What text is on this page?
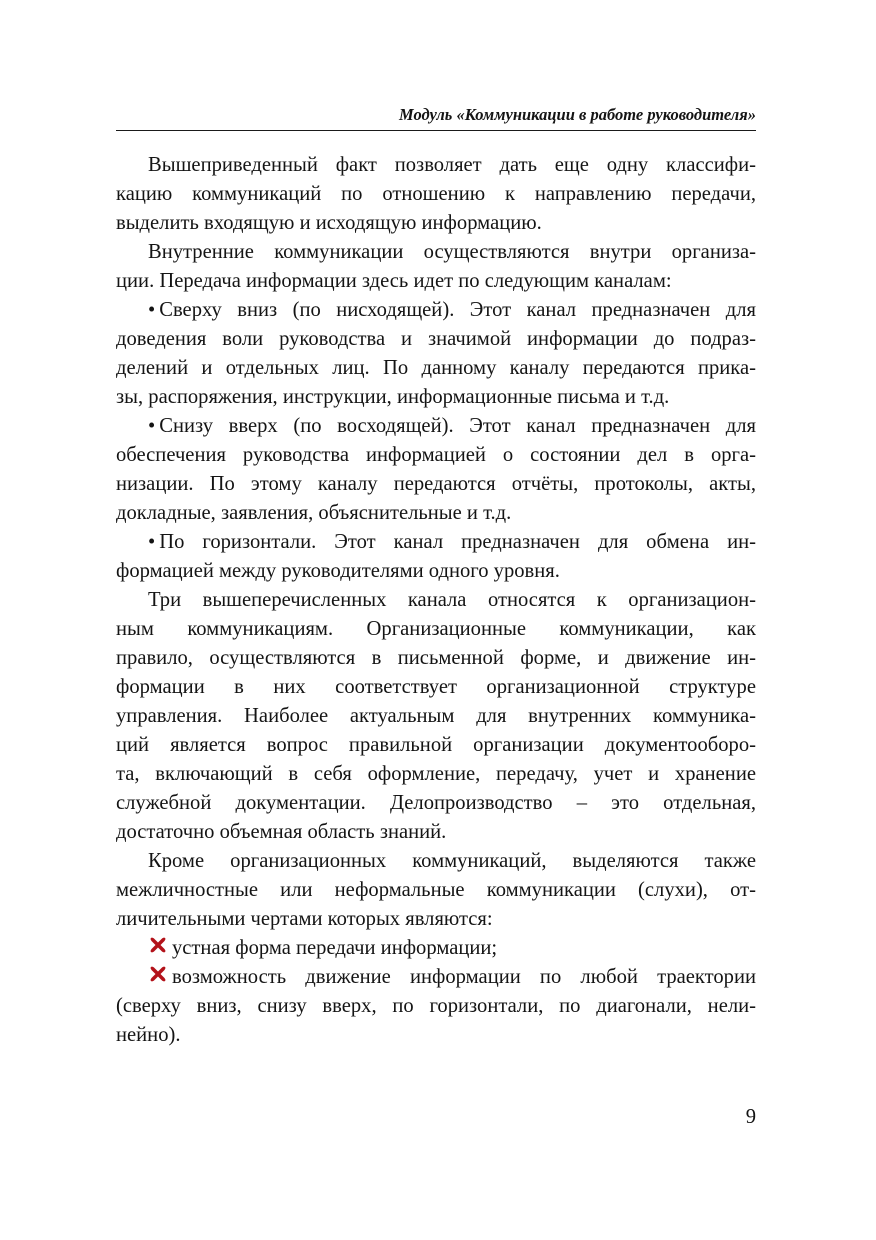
Модуль «Коммуникации в работе руководителя»
Вышеприведенный факт позволяет дать еще одну классифи-
кацию коммуникаций по отношению к направлению передачи,
выделить входящую и исходящую информацию.
Внутренние коммуникации осуществляются внутри организа-
ции. Передача информации здесь идет по следующим каналам:
• Сверху вниз (по нисходящей). Этот канал предназначен для
доведения воли руководства и значимой информации до подраз-
делений и отдельных лиц. По данному каналу передаются прика-
зы, распоряжения, инструкции, информационные письма и т.д.
• Снизу вверх (по восходящей). Этот канал предназначен для
обеспечения руководства информацией о состоянии дел в орга-
низации. По этому каналу передаются отчёты, протоколы, акты,
докладные, заявления, объяснительные и т.д.
• По горизонтали. Этот канал предназначен для обмена ин-
формацией между руководителями одного уровня.
Три вышеперечисленных канала относятся к организацион-
ным коммуникациям. Организационные коммуникации, как
правило, осуществляются в письменной форме, и движение ин-
формации в них соответствует организационной структуре
управления. Наиболее актуальным для внутренних коммуника-
ций является вопрос правильной организации документооборо-
та, включающий в себя оформление, передачу, учет и хранение
служебной документации. Делопроизводство – это отдельная,
достаточно объемная область знаний.
Кроме организационных коммуникаций, выделяются также
межличностные или неформальные коммуникации (слухи), от-
личительными чертами которых являются:
устная форма передачи информации;
возможность движение информации по любой траектории
(сверху вниз, снизу вверх, по горизонтали, по диагонали, нели-
нейно).
9
